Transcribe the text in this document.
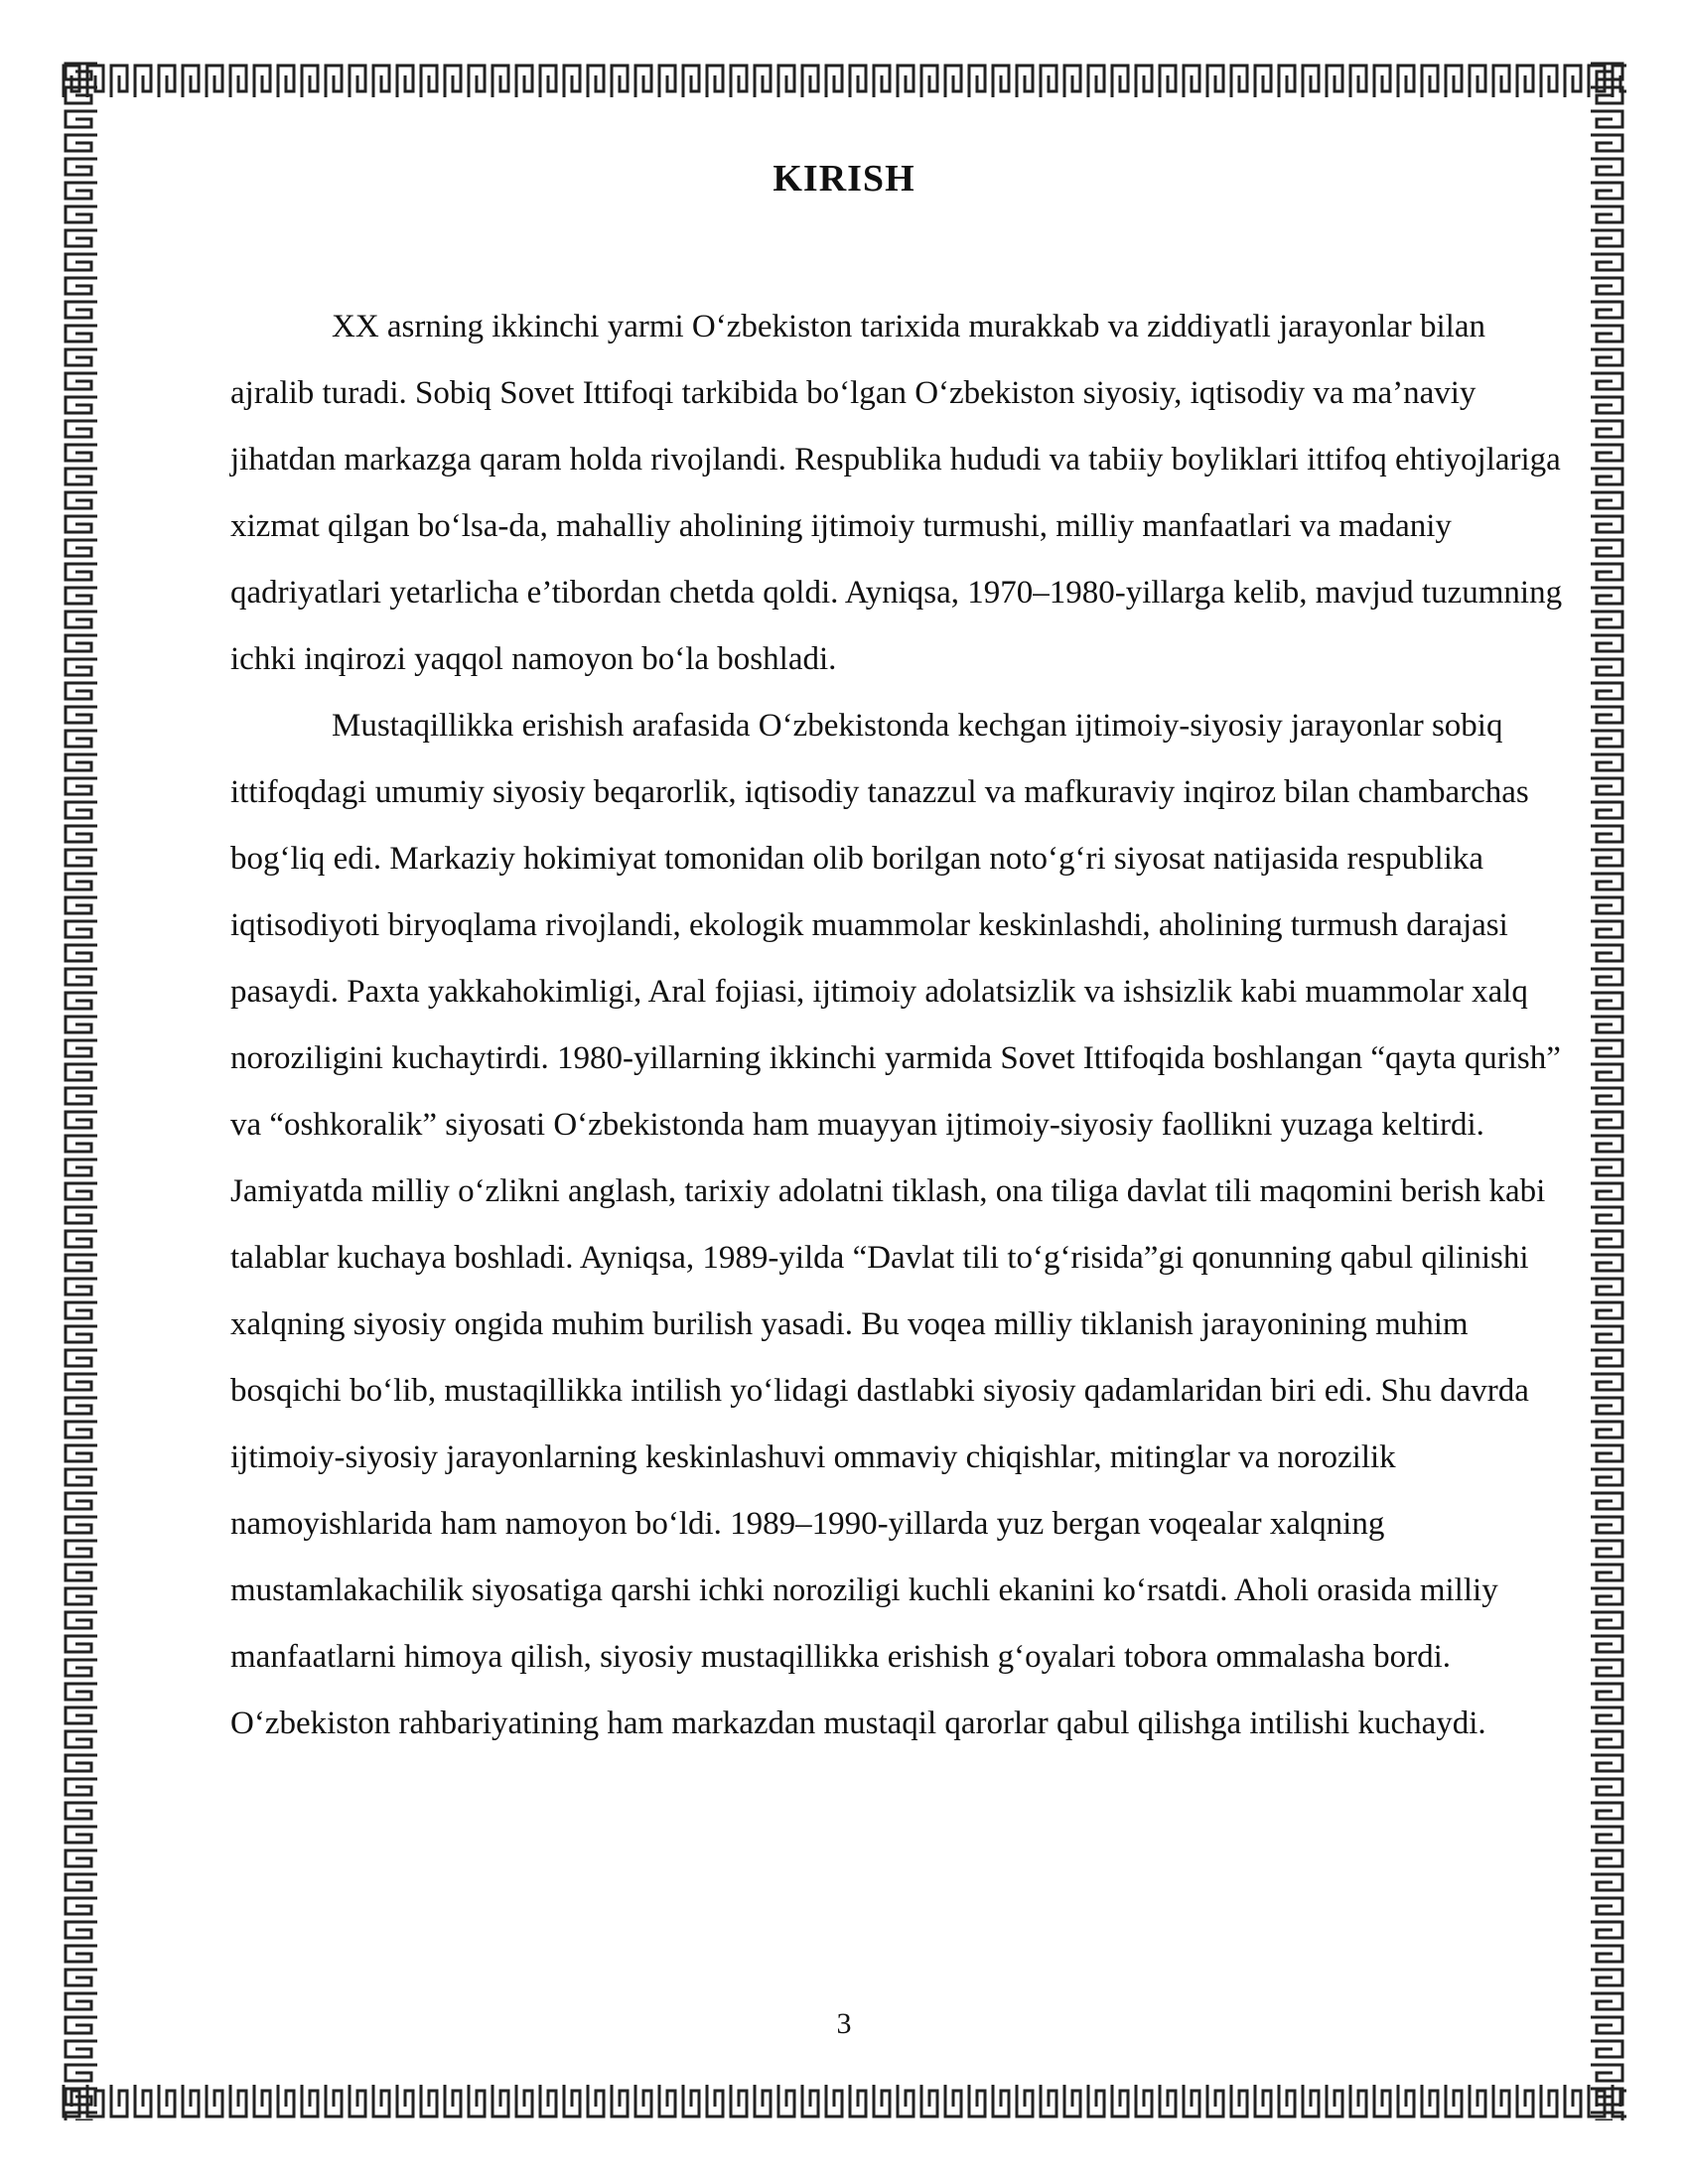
KIRISH

XX asrning ikkinchi yarmi O‘zbekiston tarixida murakkab va ziddiyatli jarayonlar bilan ajralib turadi. Sobiq Sovet Ittifoqi tarkibida bo‘lgan O‘zbekiston siyosiy, iqtisodiy va ma’naviy jihatdan markazga qaram holda rivojlandi. Respublika hududi va tabiiy boyliklari ittifoq ehtiyojlariga xizmat qilgan bo‘lsa-da, mahalliy aholining ijtimoiy turmushi, milliy manfaatlari va madaniy qadriyatlari yetarlicha e’tibordan chetda qoldi. Ayniqsa, 1970–1980-yillarga kelib, mavjud tuzumning ichki inqirozi yaqqol namoyon bo‘la boshladi.

Mustaqillikka erishish arafasida O‘zbekistonda kechgan ijtimoiy-siyosiy jarayonlar sobiq ittifoqdagi umumiy siyosiy beqarorlik, iqtisodiy tanazzul va mafkuraviy inqiroz bilan chambarchas bog‘liq edi. Markaziy hokimiyat tomonidan olib borilgan noto‘g‘ri siyosat natijasida respublika iqtisodiyoti biryoqlama rivojlandi, ekologik muammolar keskinlashdi, aholining turmush darajasi pasaydi. Paxta yakkahokimligi, Aral fojiasi, ijtimoiy adolatsizlik va ishsizlik kabi muammolar xalq noroziligini kuchaytirdi. 1980-yillarning ikkinchi yarmida Sovet Ittifoqida boshlangan “qayta qurish” va “oshkoralik” siyosati O‘zbekistonda ham muayyan ijtimoiy-siyosiy faollikni yuzaga keltirdi. Jamiyatda milliy o‘zlikni anglash, tarixiy adolatni tiklash, ona tiliga davlat tili maqomini berish kabi talablar kuchaya boshladi. Ayniqsa, 1989-yilda “Davlat tili to‘g‘risida”gi qonunning qabul qilinishi xalqning siyosiy ongida muhim burilish yasadi. Bu voqea milliy tiklanish jarayonining muhim bosqichi bo‘lib, mustaqillikka intilish yo‘lidagi dastlabki siyosiy qadamlaridan biri edi. Shu davrda ijtimoiy-siyosiy jarayonlarning keskinlashuvi ommaviy chiqishlar, mitinglar va norozilik namoyishlarida ham namoyon bo‘ldi. 1989–1990-yillarda yuz bergan voqealar xalqning mustamlakachilik siyosatiga qarshi ichki noroziligi kuchli ekanini ko‘rsatdi. Aholi orasida milliy manfaatlarni himoya qilish, siyosiy mustaqillikka erishish g‘oyalari tobora ommalasha bordi. O‘zbekiston rahbariyatining ham markazdan mustaqil qarorlar qabul qilishga intilishi kuchaydi.

3
